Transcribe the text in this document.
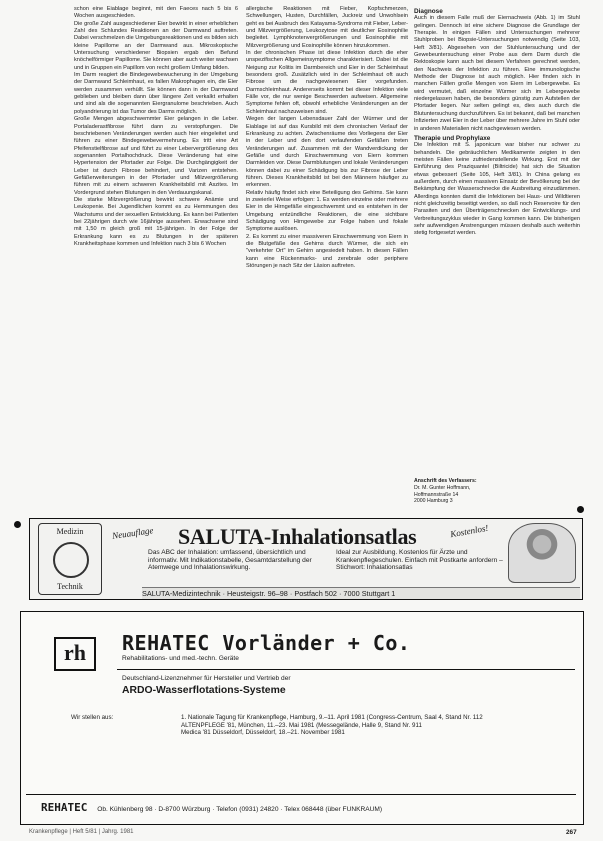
schon eine Eiablage beginnt, mit den Faeces nach 5 bis 6 Wochen ausgeschieden.

Die große Zahl ausgeschiedener Eier bewirkt in einer erheblichen Zahl des Schlundes Reaktionen an der Darmwand auftreten. Dabei verschmelzen die Umgebungsreaktionen und es bilden sich kleine Papillome an der Darmwand aus. Mikroskopische Untersuchung verschiedener Biopsien ergab den Befund knöchelförmiger Papillome. Sie können aber auch weiter wachsen und in Gruppen ein Papillom von recht großem Umfang bilden.

Im Darm reagiert die Bindegewebewucherung in der Umgebung der Darmwand Schleimhaut, es fallen Makrophagen ein, die Eier werden zusammen verhüllt. Sie können dann in der Darmwand geblieben und bleiben dann über längere Zeit verkalkt erhalten und sind als die sogenannten Eiergranulome beschrieben. Auch polyandrierung ist das Tumor des Darms möglich.

Große Mengen abgeschwemmter Eier gelangen in die Leber. Portaladerastfibrose führt dann zu verstopfungen. Die beschriebenen Veränderungen werden auch hier eingeleitet und führen zu einer Bindegewebevermehrung. Es tritt eine Art Pfeifenstielfibrose auf und führt zu einer Lebervergrößerung des sogenannten Portalhochdruck. Diese Veränderung hat eine Hypertension der Pfortader zur Folge. Die Durchgängigkeit der Leber ist durch Fibrose behindert, und Varizen entstehen. Gefäßerweiterungen in der Pfortader und Milzvergrößerung führen mit zu einem schweren Krankheitsbild mit Aszites. Im Vordergrund stehen Blutungen in den Verdauungskanal.

Die starke Milzvergrößerung bewirkt schwere Anämie und Leukopenie. Bei Jugendlichen kommt es zu Hemmungen des Wachstums und der sexuellen Entwicklung. Es kann bei Patienten bei 22jährigen durch wie 16jährige aussehen. Erwachsene sind mit 1,50 m gleich groß mit 15-jährigen. In der Folge der Erkrankung kann es zu Blutungen in der späteren Krankheitsphase kommen und Infektion nach 3 bis 6 Wochen

allergische Reaktionen mit Fieber, Kopfschmerzen, Schwellungen, Husten, Durchfällen, Juckreiz und Unwohlsein geht es bei Ausbruch des Katayama-Syndroms mit Fieber, Leber- und Milzvergrößerung, Leukozytose mit deutlicher Eosinophilie begleitet. Lymphknotenvergrößerungen und Eosinophilie mit Milzvergrößerung und Eosinophilie können hinzukommen.

In der chronischen Phase ist diese Infektion durch die eher unspezifischen Allgemeinsymptome charakterisiert. Dabei ist die Neigung zur Kolitis im Darmbereich und Eier in der Schleimhaut besonders groß. Zusätzlich wird in der Schleimhaut oft auch Fibrose um die nachgewiesenen Eier vorgefunden. Darmschleimhaut. Andererseits kommt bei dieser Infektion viele Fälle vor, die nur wenige Beschwerden aufweisen. Allgemeine Symptome fehlen oft, obwohl erhebliche Veränderungen an der Schleimhaut nachzuweisen sind.

Wegen der langen Lebensdauer Zahl der Würmer und der Eiablage ist auf das Kursbild mit dem chronischen Verlauf der Erkrankung zu achten. Zwischenräume des Vorliegens der Eier in der Leber und den dort verlaufenden Gefäßen treten Veränderungen auf. Zusammen mit der Wandverdickung der Gefäße und durch Einschwemmung von Eiern kommen Darmleiden vor. Diese Darmblutungen und lokale Veränderungen können dabei zu einer Schädigung bis zur Fibrose der Leber führen. Dieses Krankheitsbild ist bei den Männern häufiger zu erkennen.

Relativ häufig findet sich eine Beteiligung des Gehirns. Sie kann in zweierlei Weise erfolgen: 1. Es werden einzelne oder mehrere Eier in die Hirngefäße eingeschwemmt und es entstehen in der Umgebung entzündliche Reaktionen, die eine sichtbare Schädigung von Hirngewebe zur Folge haben und fokale Symptome auslösen.

2. Es kommt zu einer massiveren Einschwemmung von Eiern in die Blutgefäße des Gehirns durch Würmer, die sich ein "verkehrter Ort" im Gehirn angesiedelt haben. In diesen Fällen kann eine Rückenmarks- und zerebrale oder periphere Störungen je nach Sitz der Läsion auftreten.

Diagnose

Auch in diesem Falle muß der Eiernachweis (Abb. 1) im Stuhl gelingen. Dennoch ist eine sichere Diagnose die Grundlage der Therapie. In einigen Fällen sind Untersuchungen mehrerer Stuhlproben bei Biopsie-Untersuchungen notwendig (Seite 103, Heft 3/81). Abgesehen von der Stuhluntersuchung und der Gewebeuntersuchung einer Probe aus dem Darm durch die Rektoskopie kann auch bei diesem Verfahren gerechnet werden, den Nachweis der Infektion zu führen. Eine immunologische Methode der Diagnose ist auch möglich. Hier finden sich in manchen Fällen große Mengen von Eiern im Lebergewebe. Es wird vermutet, daß einzelne Würmer sich im Lebergewebe niedergelassen haben, die besonders günstig zum Aufstellen der Pfortader liegen. Nur selten gelingt es, dies auch durch die Blutuntersuchung durchzuführen. Es ist bekannt, daß bei manchen Infizierten zwei Eier in der Leber über mehrere Jahre im Stuhl oder in anderen Materialien nicht nachgewiesen werden.

Therapie und Prophylaxe

Die Infektion mit S. japonicum war bisher nur schwer zu behandeln. Die gebräuchlichen Medikamente zeigten in den meisten Fällen keine zufriedenstellende Wirkung. Erst mit der Einführung des Praziquantel (Biltricide) hat sich die Situation etwas gebessert (Seite 105, Heft 3/81). In China gelang es außerdem, durch einen massiven Einsatz der Bevölkerung bei der Bekämpfung der Wasserschnecke die Ausbreitung einzudämmen. Allerdings konnten damit die Infektionen bei Haus- und Wildtieren nicht gleichzeitig beseitigt werden, so daß noch Reservoire für den Parasiten und den Überträgerschnecken der Entwicklungs- und Verbreitungszyklus wieder in Gang kommen kann. Die bisherigen sehr aufwendigen Anstrengungen müssen deshalb auch weiterhin stetig fortgesetzt werden.

Anschrift des Verfassers:
Dr. M. Gunter Hoffmann,
Hoffmannstraße 14
2000 Hamburg 3
Medizin
Technik
Neuauflage SALUTA-Inhalationsatlas	Kostenlos!
Das ABC der Inhalation: umfassend, übersichtlich und informativ. Mit Indikationstabelle, Gesamtdarstellung der Atemwege und Inhalationswirkung.
Ideal zur Ausbildung. Kostenlos für Ärzte und Krankenpflegeschulen. Einfach mit Postkarte anfordern – Stichwort: Inhalationsatlas
SALUTA-Medizintechnik · Heusteigstr. 96–98 · Postfach 502 · 7000 Stuttgart 1
rh	REHATEC Vorländer + Co.
Rehabilitations- und med.-techn. Geräte
Deutschland-Lizenznehmer für Hersteller und Vertrieb der
ARDO-Wasserflotations-Systeme
Wir stellen aus:	1. Nationale Tagung für Krankenpflege, Hamburg, 9.–11. April 1981 (Congress-Centrum, Saal 4, Stand Nr. 112
ALTENPFLEGE '81, München, 11.–23. Mai 1981 (Messegelände, Halle 9, Stand Nr. 911
Medica '81 Düsseldorf, Düsseldorf, 18.–21. November 1981
REHATEC Ob. Kühlenberg 98 · D-8700 Würzburg · Telefon (0931) 24820 · Telex 068448 (über FUNKRAUM)
Krankenpflege | Heft 5/81 | Jahrg. 1981	267
